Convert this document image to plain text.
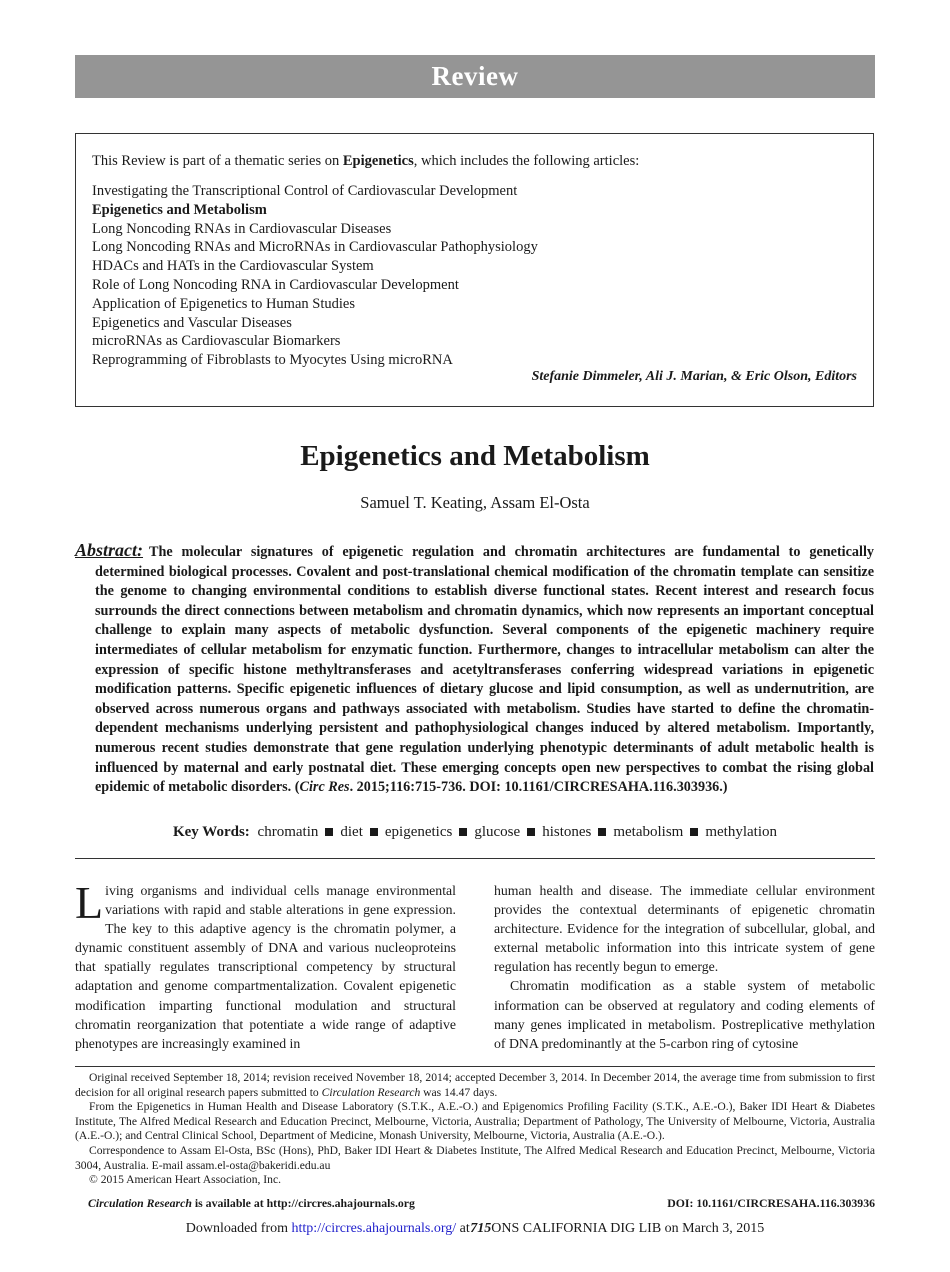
Review
This Review is part of a thematic series on Epigenetics, which includes the following articles:
Investigating the Transcriptional Control of Cardiovascular Development
Epigenetics and Metabolism
Long Noncoding RNAs in Cardiovascular Diseases
Long Noncoding RNAs and MicroRNAs in Cardiovascular Pathophysiology
HDACs and HATs in the Cardiovascular System
Role of Long Noncoding RNA in Cardiovascular Development
Application of Epigenetics to Human Studies
Epigenetics and Vascular Diseases
microRNAs as Cardiovascular Biomarkers
Reprogramming of Fibroblasts to Myocytes Using microRNA
Stefanie Dimmeler, Ali J. Marian, & Eric Olson, Editors
Epigenetics and Metabolism
Samuel T. Keating, Assam El-Osta
Abstract: The molecular signatures of epigenetic regulation and chromatin architectures are fundamental to genetically determined biological processes. Covalent and post-translational chemical modification of the chromatin template can sensitize the genome to changing environmental conditions to establish diverse functional states. Recent interest and research focus surrounds the direct connections between metabolism and chromatin dynamics, which now represents an important conceptual challenge to explain many aspects of metabolic dysfunction. Several components of the epigenetic machinery require intermediates of cellular metabolism for enzymatic function. Furthermore, changes to intracellular metabolism can alter the expression of specific histone methyltransferases and acetyltransferases conferring widespread variations in epigenetic modification patterns. Specific epigenetic influences of dietary glucose and lipid consumption, as well as undernutrition, are observed across numerous organs and pathways associated with metabolism. Studies have started to define the chromatin-dependent mechanisms underlying persistent and pathophysiological changes induced by altered metabolism. Importantly, numerous recent studies demonstrate that gene regulation underlying phenotypic determinants of adult metabolic health is influenced by maternal and early postnatal diet. These emerging concepts open new perspectives to combat the rising global epidemic of metabolic disorders. (Circ Res. 2015;116:715-736. DOI: 10.1161/CIRCRESAHA.116.303936.)
Key Words: chromatin diet epigenetics glucose histones metabolism methylation

Living organisms and individual cells manage environmental variations with rapid and stable alterations in gene expression. The key to this adaptive agency is the chromatin polymer, a dynamic constituent assembly of DNA and various nucleoproteins that spatially regulates transcriptional competency by structural adaptation and genome compartmentalization. Covalent epigenetic modification imparting functional modulation and structural chromatin reorganization that potentiate a wide range of adaptive phenotypes are increasingly examined in

human health and disease. The immediate cellular environment provides the contextual determinants of epigenetic chromatin architecture. Evidence for the integration of subcellular, global, and external metabolic information into this intricate system of gene regulation has recently begun to emerge.

Chromatin modification as a stable system of metabolic information can be observed at regulatory and coding elements of many genes implicated in metabolism. Postreplicative methylation of DNA predominantly at the 5-carbon ring of cytosine

Original received September 18, 2014; revision received November 18, 2014; accepted December 3, 2014. In December 2014, the average time from submission to first decision for all original research papers submitted to Circulation Research was 14.47 days.

From the Epigenetics in Human Health and Disease Laboratory (S.T.K., A.E.-O.) and Epigenomics Profiling Facility (S.T.K., A.E.-O.), Baker IDI Heart & Diabetes Institute, The Alfred Medical Research and Education Precinct, Melbourne, Victoria, Australia; Department of Pathology, The University of Melbourne, Victoria, Australia (A.E.-O.); and Central Clinical School, Department of Medicine, Monash University, Melbourne, Victoria, Australia (A.E.-O.).

Correspondence to Assam El-Osta, BSc (Hons), PhD, Baker IDI Heart & Diabetes Institute, The Alfred Medical Research and Education Precinct, Melbourne, Victoria 3004, Australia. E-mail assam.el-osta@bakeridi.edu.au

© 2015 American Heart Association, Inc.

Circulation Research is available at http://circres.ahajournals.org	DOI: 10.1161/CIRCRESAHA.116.303936
Downloaded from http://circres.ahajournals.org/ at 715ONS CALIFORNIA DIG LIB on March 3, 2015
